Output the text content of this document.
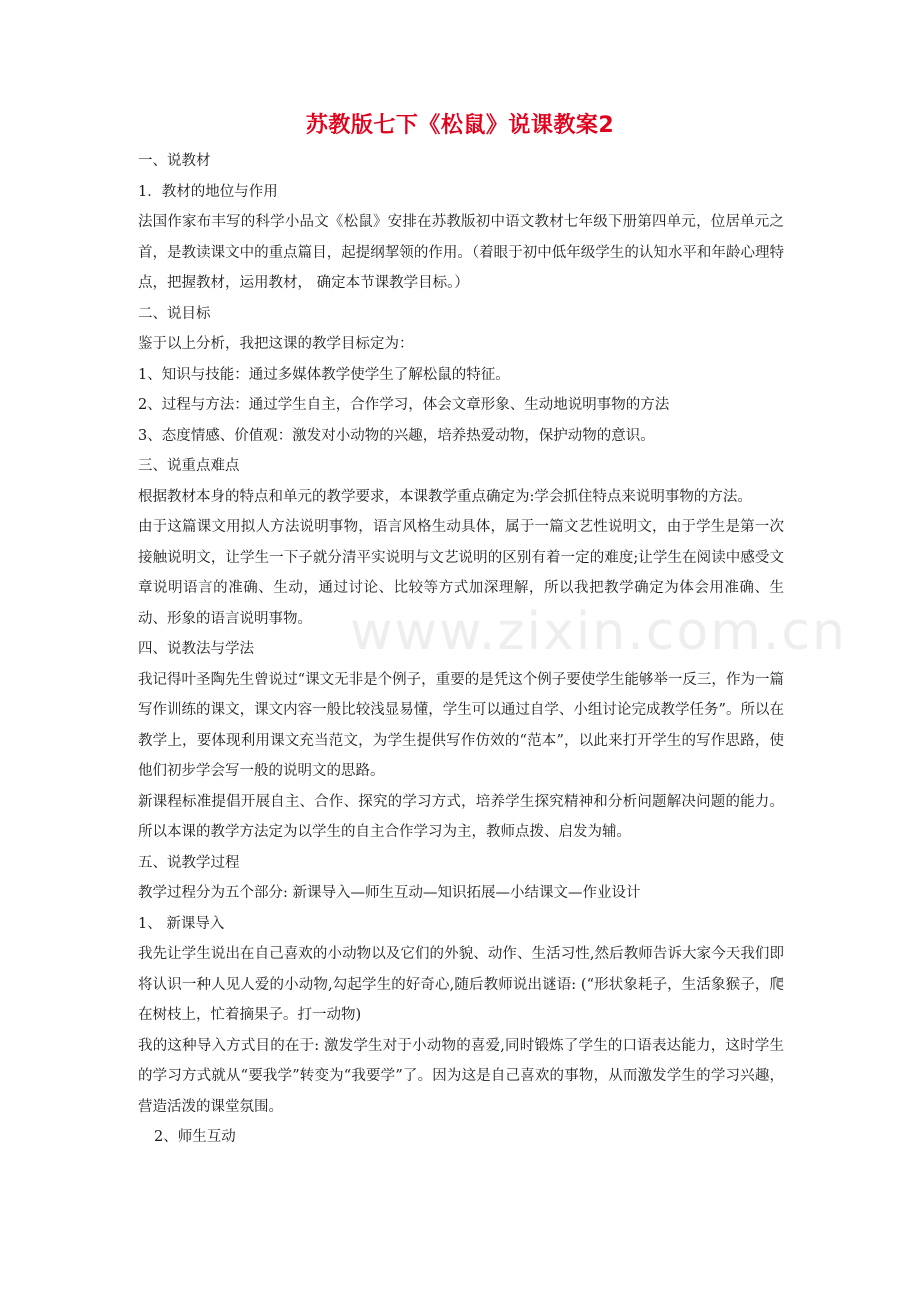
www.zixin.com.cn
苏教版七下《松鼠》说课教案2

一、说教材

1．教材的地位与作用

法国作家布丰写的科学小品文《松鼠》安排在苏教版初中语文教材七年级下册第四单元，位居单元之首，是教读课文中的重点篇目，起提纲挈领的作用。（着眼于初中低年级学生的认知水平和年龄心理特点，把握教材，运用教材， 确定本节课教学目标。）

二、说目标

鉴于以上分析，我把这课的教学目标定为：

1、知识与技能：通过多媒体教学使学生了解松鼠的特征。

2、过程与方法：通过学生自主，合作学习，体会文章形象、生动地说明事物的方法

3、态度情感、价值观：激发对小动物的兴趣，培养热爱动物，保护动物的意识。

三、说重点难点

根据教材本身的特点和单元的教学要求，本课教学重点确定为:学会抓住特点来说明事物的方法。

由于这篇课文用拟人方法说明事物，语言风格生动具体，属于一篇文艺性说明文，由于学生是第一次接触说明文，让学生一下子就分清平实说明与文艺说明的区别有着一定的难度;让学生在阅读中感受文章说明语言的准确、生动，通过讨论、比较等方式加深理解，所以我把教学确定为体会用准确、生动、形象的语言说明事物。

四、说教法与学法

我记得叶圣陶先生曾说过“课文无非是个例子，重要的是凭这个例子要使学生能够举一反三，作为一篇写作训练的课文，课文内容一般比较浅显易懂，学生可以通过自学、小组讨论完成教学任务”。所以在教学上，要体现利用课文充当范文，为学生提供写作仿效的“范本”，以此来打开学生的写作思路，使他们初步学会写一般的说明文的思路。

新课程标准提倡开展自主、合作、探究的学习方式，培养学生探究精神和分析问题解决问题的能力。所以本课的教学方法定为以学生的自主合作学习为主，教师点拨、启发为辅。

五、说教学过程

教学过程分为五个部分: 新课导入—师生互动—知识拓展—小结课文—作业设计

1、 新课导入

我先让学生说出在自己喜欢的小动物以及它们的外貌、动作、生活习性,然后教师告诉大家今天我们即将认识一种人见人爱的小动物,勾起学生的好奇心,随后教师说出谜语: (“形状象耗子，生活象猴子，爬在树枝上，忙着摘果子。打一动物)

我的这种导入方式目的在于: 激发学生对于小动物的喜爱,同时锻炼了学生的口语表达能力，这时学生的学习方式就从“要我学”转变为“我要学”了。因为这是自己喜欢的事物，从而激发学生的学习兴趣，营造活泼的课堂氛围。

2、师生互动
